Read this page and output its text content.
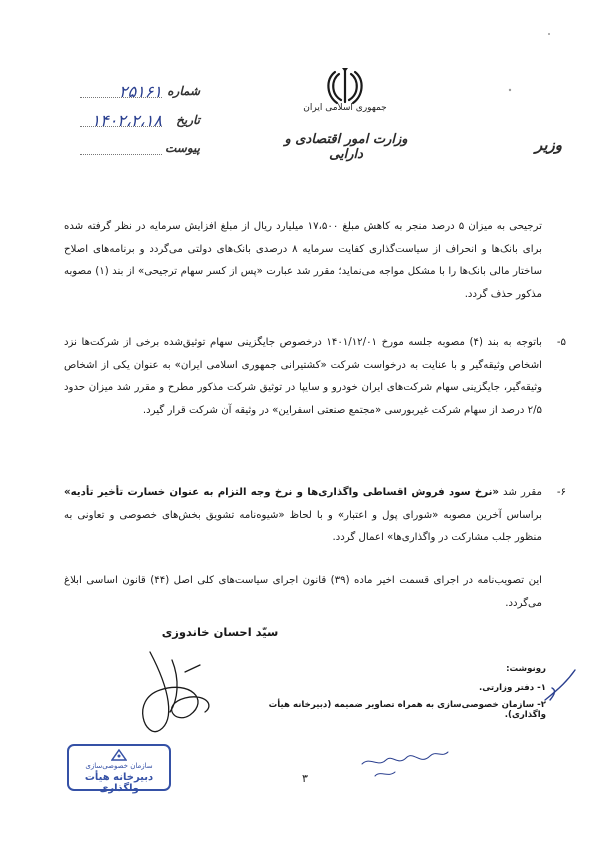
جمهوری اسلامی ایران
وزارت امور اقتصادی و دارایی
وزیر
شماره
۲۵۱۶۱
تاریخ
۱۴۰۲،۲،۱۸
پیوست

ترجیحی به میزان ۵ درصد منجر به کاهش مبلغ ۱۷،۵۰۰ میلیارد ریال از مبلغ افزایش سرمایه در نظر گرفته شده برای بانک‌ها و انحراف از سیاست‌گذاری کفایت سرمایه ۸ درصدی بانک‌های دولتی می‌گردد و برنامه‌های اصلاح ساختار مالی بانک‌ها را با مشکل مواجه می‌نماید؛ مقرر شد عبارت «پس از کسر سهام ترجیحی» از بند (۱) مصوبه مذکور حذف گردد.

۵-

باتوجه به بند (۴) مصوبه جلسه مورخ ۱۴۰۱/۱۲/۰۱ درخصوص جایگزینی سهام توثیق‌شده برخی از شرکت‌ها نزد اشخاص وثیقه‌گیر و با عنایت به درخواست شرکت «کشتیرانی جمهوری اسلامی ایران» به عنوان یکی از اشخاص وثیقه‌گیر، جایگزینی سهام شرکت‌های ایران خودرو و سایپا در توثیق شرکت مذکور مطرح و مقرر شد میزان حدود ۲/۵ درصد از سهام شرکت غیربورسی «مجتمع صنعتی اسفراین» در وثیقه آن شرکت قرار گیرد.

۶-

مقرر شد «نرخ سود فروش اقساطی واگذاری‌ها و نرخ وجه التزام به عنوان خسارت تأخیر تأدیه» براساس آخرین مصوبه «شورای پول و اعتبار» و با لحاظ «شیوه‌نامه تشویق بخش‌های خصوصی و تعاونی به منظور جلب مشارکت در واگذاری‌ها» اعمال گردد.

این تصویب‌نامه در اجرای قسمت اخیر ماده (۳۹) قانون اجرای سیاست‌های کلی اصل (۴۴) قانون اساسی ابلاغ می‌گردد.

سیّد احسان خاندوزی
رونوشت:
۱- دفتر وزارتی.
۲- سازمان خصوصی‌سازی به همراه تصاویر ضمیمه (دبیرخانه هیأت واگذاری).
۳
سازمان خصوصی‌سازی
دبیرخانه هیأت واگذاری
